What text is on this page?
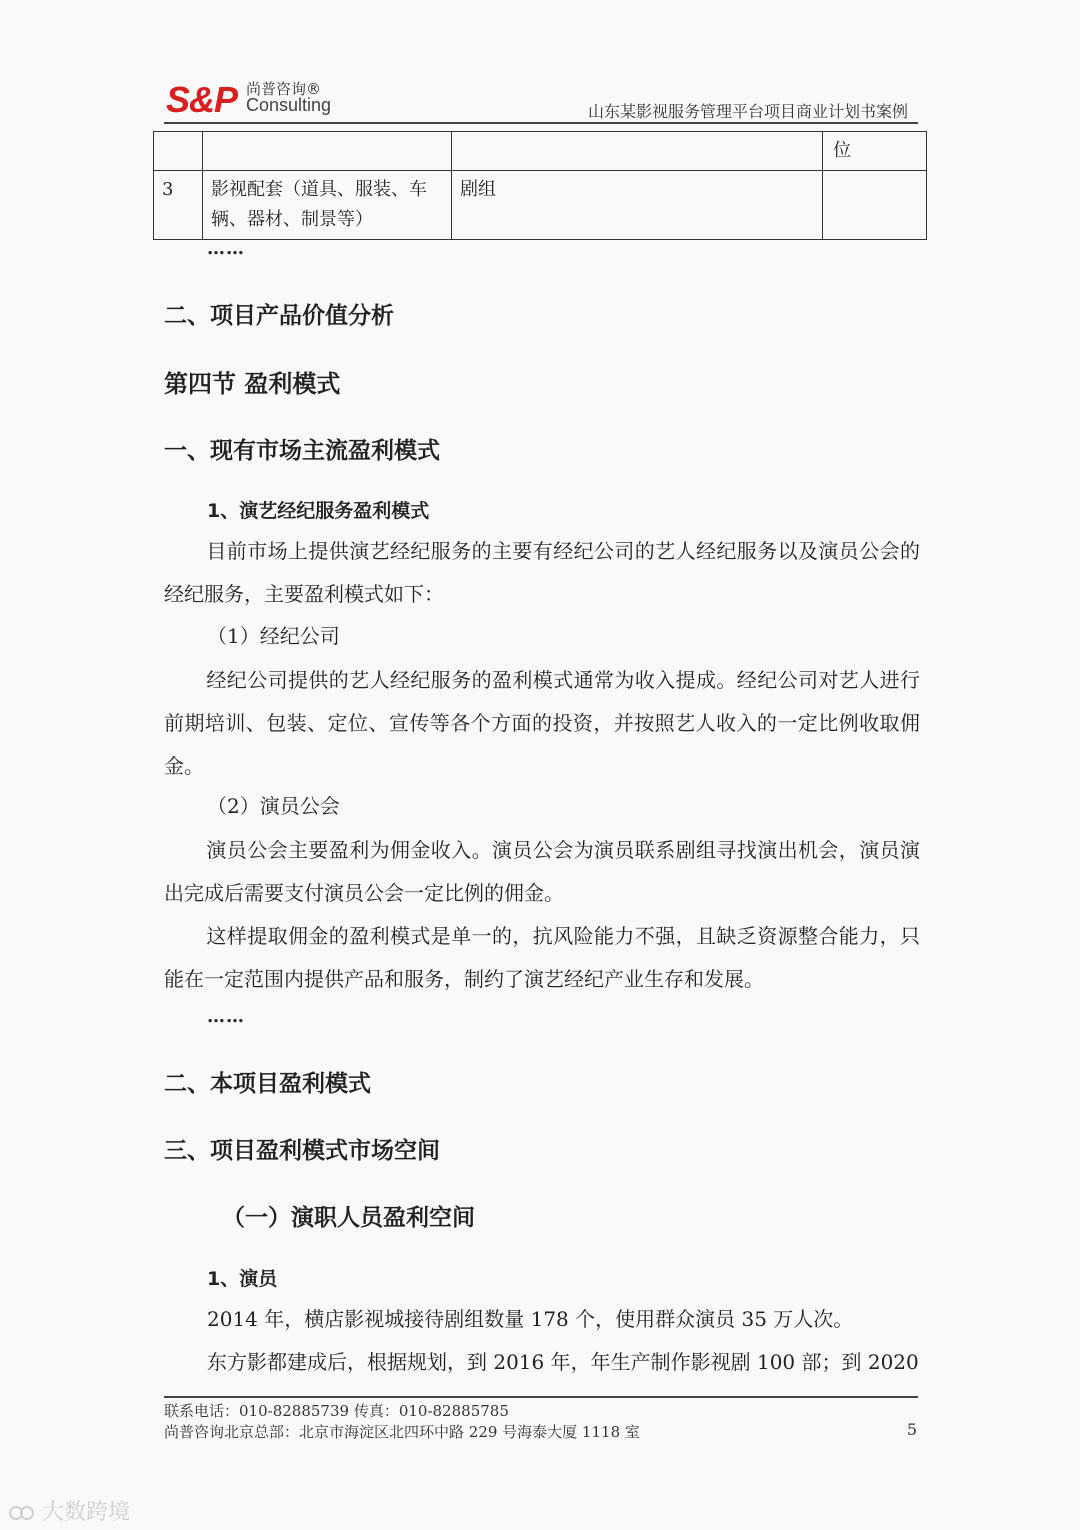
S&P 尚普咨询®
Consulting	山东某影视服务管理平台项目商业计划书案例
			位
3	影视配套（道具、服装、车辆、器材、制景等）	剧组	
……
二、项目产品价值分析
第四节 盈利模式
一、现有市场主流盈利模式
1、演艺经纪服务盈利模式
目前市场上提供演艺经纪服务的主要有经纪公司的艺人经纪服务以及演员公会的经纪服务，主要盈利模式如下：
（1）经纪公司
经纪公司提供的艺人经纪服务的盈利模式通常为收入提成。经纪公司对艺人进行前期培训、包装、定位、宣传等各个方面的投资，并按照艺人收入的一定比例收取佣金。
（2）演员公会
演员公会主要盈利为佣金收入。演员公会为演员联系剧组寻找演出机会，演员演出完成后需要支付演员公会一定比例的佣金。
这样提取佣金的盈利模式是单一的，抗风险能力不强，且缺乏资源整合能力，只能在一定范围内提供产品和服务，制约了演艺经纪产业生存和发展。
……
二、本项目盈利模式
三、项目盈利模式市场空间
（一）演职人员盈利空间
1、演员
2014 年，横店影视城接待剧组数量 178 个，使用群众演员 35 万人次。
东方影都建成后，根据规划，到 2016 年，年生产制作影视剧 100 部；到 2020
联系电话：010-82885739 传真：010-82885785
尚普咨询北京总部：北京市海淀区北四环中路 229 号海泰大厦 1118 室	5
大数跨境
